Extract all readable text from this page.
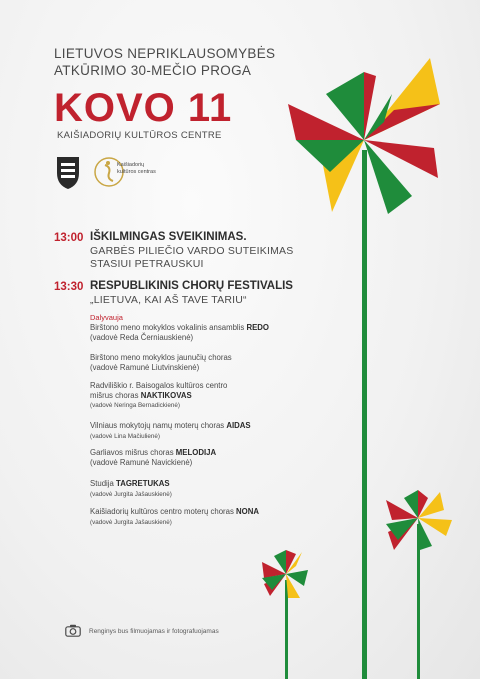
LIETUVOS NEPRIKLAUSOMYBĖS
ATKŪRIMO 30-MEČIO PROGA
KOVO 11
KAIŠIADORIŲ KULTŪROS CENTRE
Kaišiadorių kultūros centras
13:00 IŠKILMINGAS SVEIKINIMAS.
GARBĖS PILIEČIO VARDO SUTEIKIMAS
STASIUI PETRAUSKUI
13:30 RESPUBLIKINIS CHORŲ FESTIVALIS
„LIETUVA, KAI AŠ TAVE TARIU“
Dalyvauja
Birštono meno mokyklos vokalinis ansamblis REDO
(vadovė Reda Černiauskienė)
Birštono meno mokyklos jaunučių choras
(vadovė Ramunė Liutvinskienė)
Radviliškio r. Baisogalos kultūros centro
mišrus choras NAKTIKOVAS
(vadovė Neringa Bernadickienė)
Vilniaus mokytojų namų moterų choras AIDAS
(vadovė Lina Mačiulienė)
Garliavos mišrus choras MELODIJA
(vadovė Ramunė Navickienė)
Studija TAGRETUKAS
(vadovė Jurgita Jašauskienė)
Kaišiadorių kultūros centro moterų choras NONA
(vadovė Jurgita Jašauskienė)
Renginys bus filmuojamas ir fotografuojamas
